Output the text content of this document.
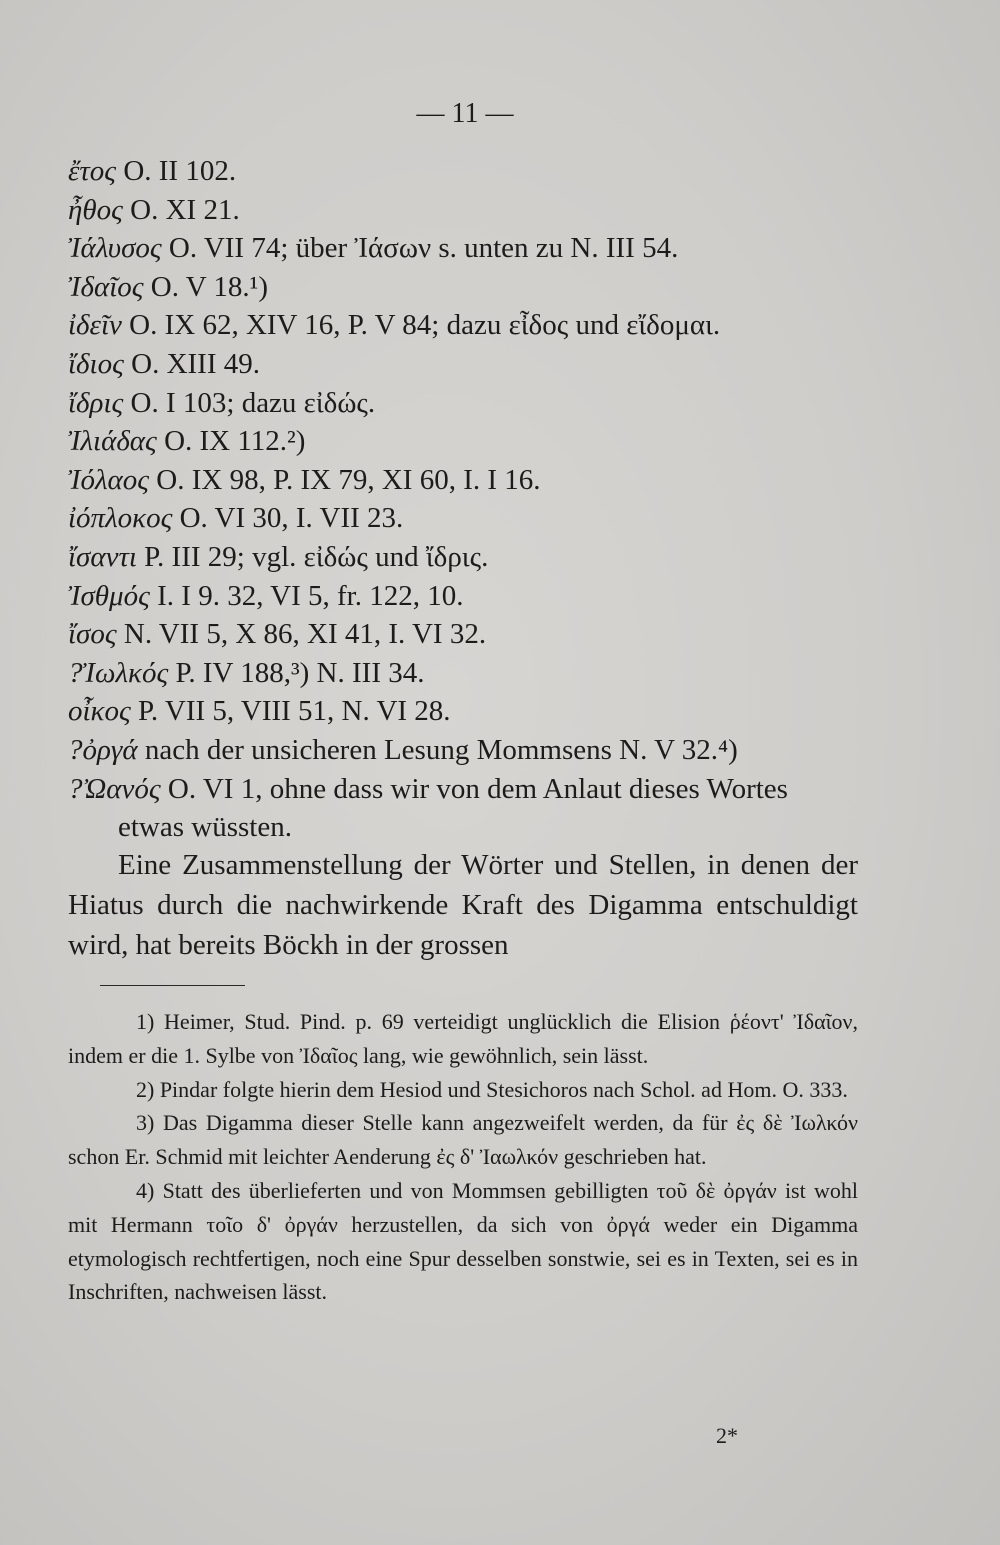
— 11 —
ἔτος O. II 102.
ἦθος O. XI 21.
Ἰάλυσος O. VII 74; über Ἰάσων s. unten zu N. III 54.
Ἰδαῖος O. V 18.¹)
ἰδεῖν O. IX 62, XIV 16, P. V 84; dazu εἶδος und εἴδομαι.
ἴδιος O. XIII 49.
ἴδρις O. I 103; dazu εἰδώς.
Ἰλιάδας O. IX 112.²)
Ἰόλαος O. IX 98, P. IX 79, XI 60, I. I 16.
ἰόπλοκος O. VI 30, I. VII 23.
ἴσαντι P. III 29; vgl. εἰδώς und ἴδρις.
Ἰσθμός I. I 9. 32, VI 5, fr. 122, 10.
ἴσος N. VII 5, X 86, XI 41, I. VI 32.
?Ἰωλκός P. IV 188,³) N. III 34.
οἶκος P. VII 5, VIII 51, N. VI 28.
?ὀργά nach der unsicheren Lesung Mommsens N. V 32.⁴)
?Ὠανός O. VI 1, ohne dass wir von dem Anlaut dieses Wortes etwas wüssten.
Eine Zusammenstellung der Wörter und Stellen, in denen der Hiatus durch die nachwirkende Kraft des Digamma entschuldigt wird, hat bereits Böckh in der grossen

1) Heimer, Stud. Pind. p. 69 verteidigt unglücklich die Elision ῥέοντ' Ἰδαῖον, indem er die 1. Sylbe von Ἰδαῖος lang, wie gewöhnlich, sein lässt.

2) Pindar folgte hierin dem Hesiod und Stesichoros nach Schol. ad Hom. O. 333.

3) Das Digamma dieser Stelle kann angezweifelt werden, da für ἐς δὲ Ἰωλκόν schon Er. Schmid mit leichter Aenderung ἐς δ' Ἰαωλκόν geschrieben hat.

4) Statt des überlieferten und von Mommsen gebilligten τοῦ δὲ ὀργάν ist wohl mit Hermann τοῖο δ' ὀργάν herzustellen, da sich von ὀργά weder ein Digamma etymologisch rechtfertigen, noch eine Spur desselben sonstwie, sei es in Texten, sei es in Inschriften, nachweisen lässt.

2*
